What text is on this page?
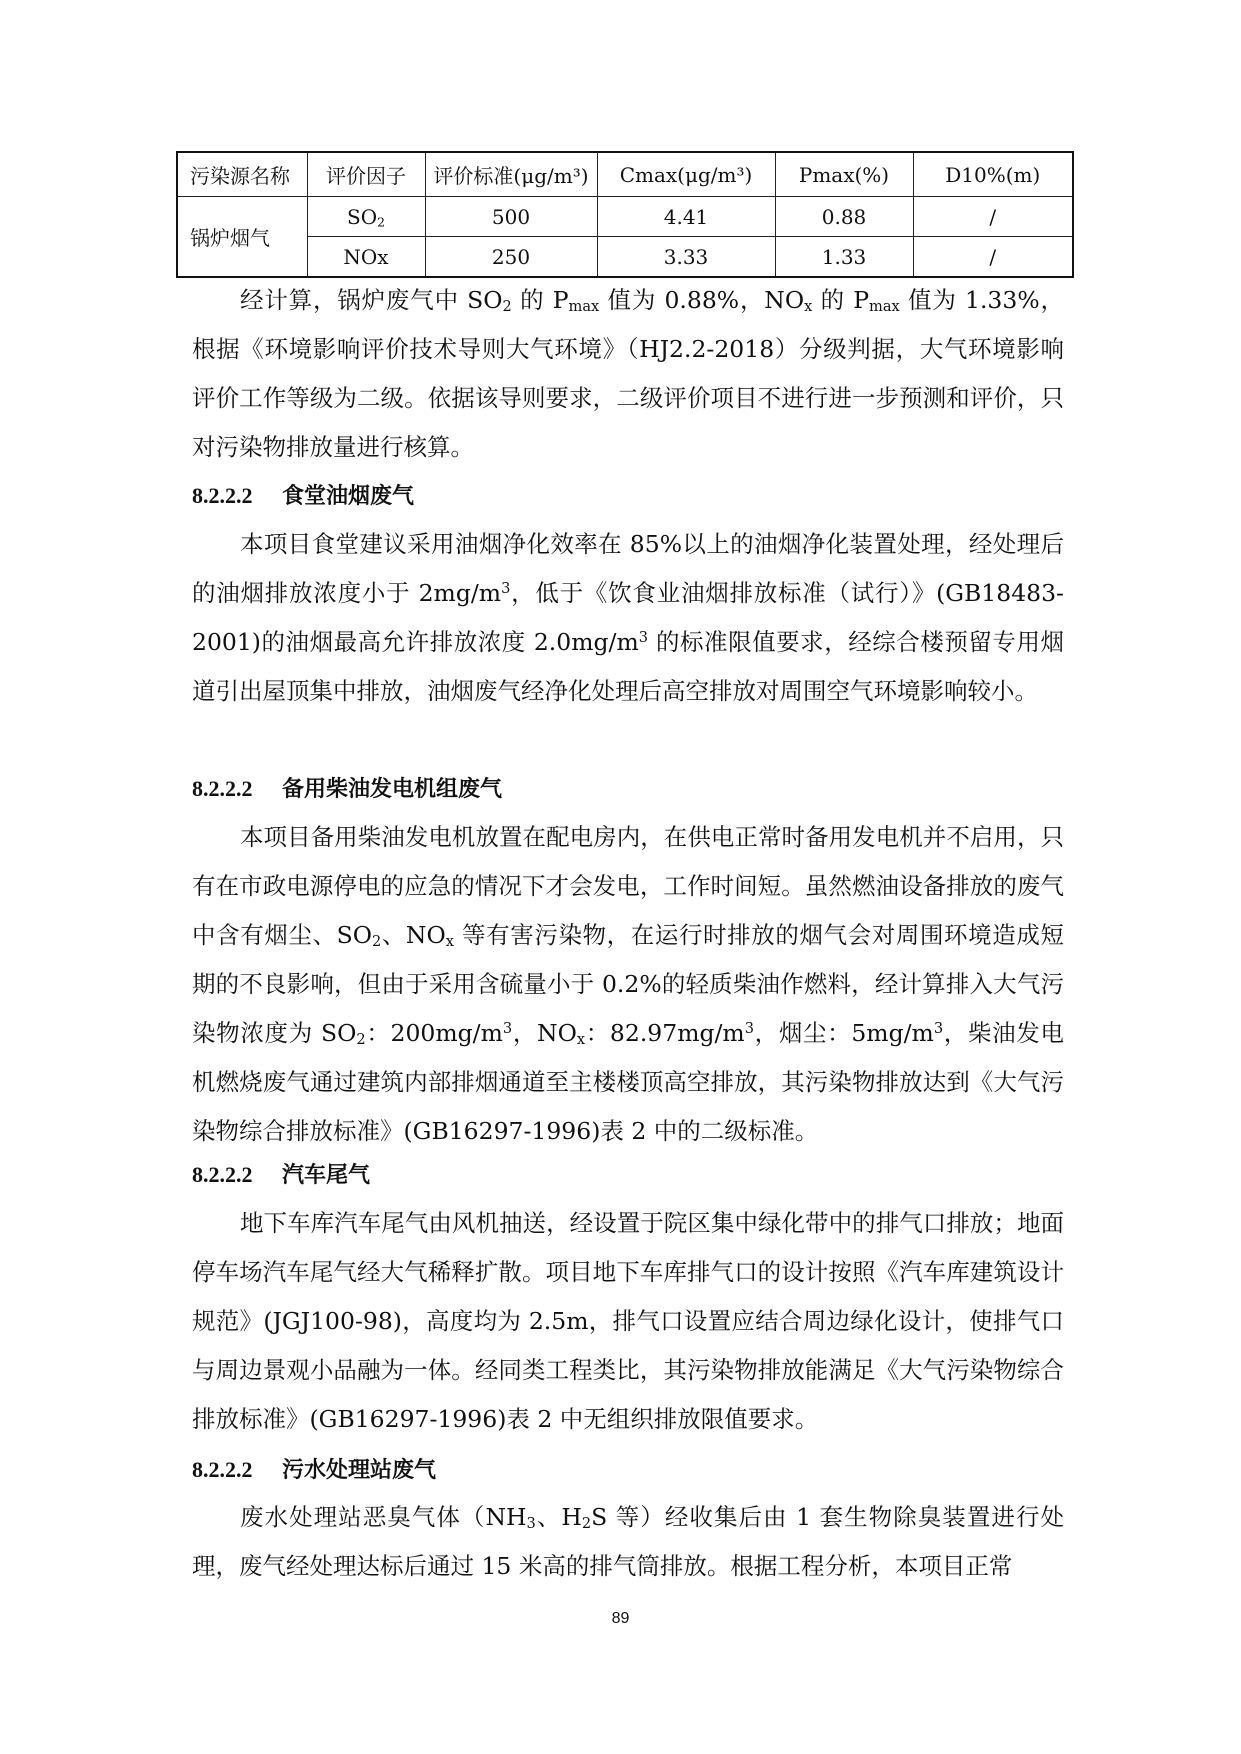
污染源名称	评价因子	评价标准(μg/m³)	Cmax(μg/m³)	Pmax(%)	D10%(m)
锅炉烟气	$SO_2$	500	4.41	0.88	/
	NOx	250	3.33	1.33	/
经计算，锅炉废气中 $SO_2$ 的 $P_{max}$ 值为 0.88%，$NO_x$ 的 $P_{max}$ 值为 1.33%，根据《环境影响评价技术导则大气环境》（HJ2.2-2018）分级判据，大气环境影响评价工作等级为二级。依据该导则要求，二级评价项目不进行进一步预测和评价，只对污染物排放量进行核算。
8.2.2.2 食堂油烟废气
本项目食堂建议采用油烟净化效率在 85%以上的油烟净化装置处理，经处理后的油烟排放浓度小于 $2mg/m^3$，低于《饮食业油烟排放标准（试行）》(GB18483-2001)的油烟最高允许排放浓度 $2.0mg/m^3$ 的标准限值要求，经综合楼预留专用烟道引出屋顶集中排放，油烟废气经净化处理后高空排放对周围空气环境影响较小。
8.2.2.2 备用柴油发电机组废气
本项目备用柴油发电机放置在配电房内，在供电正常时备用发电机并不启用，只有在市政电源停电的应急的情况下才会发电，工作时间短。虽然燃油设备排放的废气中含有烟尘、$SO_2$、$NO_x$ 等有害污染物，在运行时排放的烟气会对周围环境造成短期的不良影响，但由于采用含硫量小于 0.2%的轻质柴油作燃料，经计算排入大气污染物浓度为 $SO_2$：$200mg/m^3$，$NO_x$：$82.97mg/m^3$，烟尘：$5mg/m^3$，柴油发电机燃烧废气通过建筑内部排烟通道至主楼楼顶高空排放，其污染物排放达到《大气污染物综合排放标准》(GB16297-1996)表 2 中的二级标准。
8.2.2.2 汽车尾气
地下车库汽车尾气由风机抽送，经设置于院区集中绿化带中的排气口排放；地面停车场汽车尾气经大气稀释扩散。项目地下车库排气口的设计按照《汽车库建筑设计规范》(JGJ100-98)，高度均为 2.5m，排气口设置应结合周边绿化设计，使排气口与周边景观小品融为一体。经同类工程类比，其污染物排放能满足《大气污染物综合排放标准》(GB16297-1996)表 2 中无组织排放限值要求。
8.2.2.2 污水处理站废气
废水处理站恶臭气体（$NH_3$、$H_2S$ 等）经收集后由 1 套生物除臭装置进行处理，废气经处理达标后通过 15 米高的排气筒排放。根据工程分析，本项目正常
89
